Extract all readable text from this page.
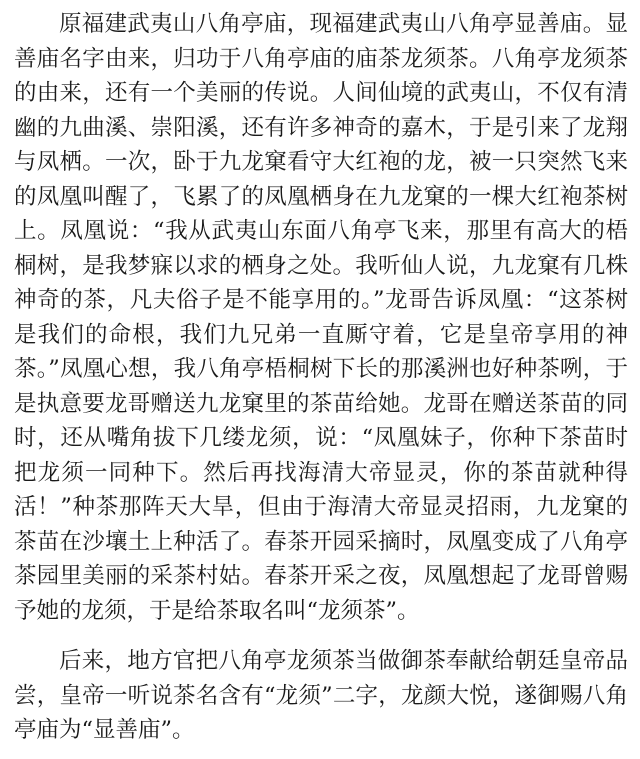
原福建武夷山八角亭庙，现福建武夷山八角亭显善庙。显善庙名字由来，归功于八角亭庙的庙茶龙须茶。八角亭龙须茶的由来，还有一个美丽的传说。人间仙境的武夷山，不仅有清幽的九曲溪、崇阳溪，还有许多神奇的嘉木，于是引来了龙翔与凤栖。一次，卧于九龙窠看守大红袍的龙，被一只突然飞来的凤凰叫醒了，飞累了的凤凰栖身在九龙窠的一棵大红袍茶树上。凤凰说：“我从武夷山东面八角亭飞来，那里有高大的梧桐树，是我梦寐以求的栖身之处。我听仙人说，九龙窠有几株神奇的茶，凡夫俗子是不能享用的。”龙哥告诉凤凰：“这茶树是我们的命根，我们九兄弟一直厮守着，它是皇帝享用的神茶。”凤凰心想，我八角亭梧桐树下长的那溪洲也好种茶咧，于是执意要龙哥赠送九龙窠里的茶苗给她。龙哥在赠送茶苗的同时，还从嘴角拔下几缕龙须，说：“凤凰妹子，你种下茶苗时把龙须一同种下。然后再找海清大帝显灵，你的茶苗就种得活！”种茶那阵天大旱，但由于海清大帝显灵招雨，九龙窠的茶苗在沙壤土上种活了。春茶开园采摘时，凤凰变成了八角亭茶园里美丽的采茶村姑。春茶开采之夜，凤凰想起了龙哥曾赐予她的龙须，于是给茶取名叫“龙须茶”。

后来，地方官把八角亭龙须茶当做御茶奉献给朝廷皇帝品尝，皇帝一听说茶名含有“龙须”二字，龙颜大悦，遂御赐八角亭庙为“显善庙”。
